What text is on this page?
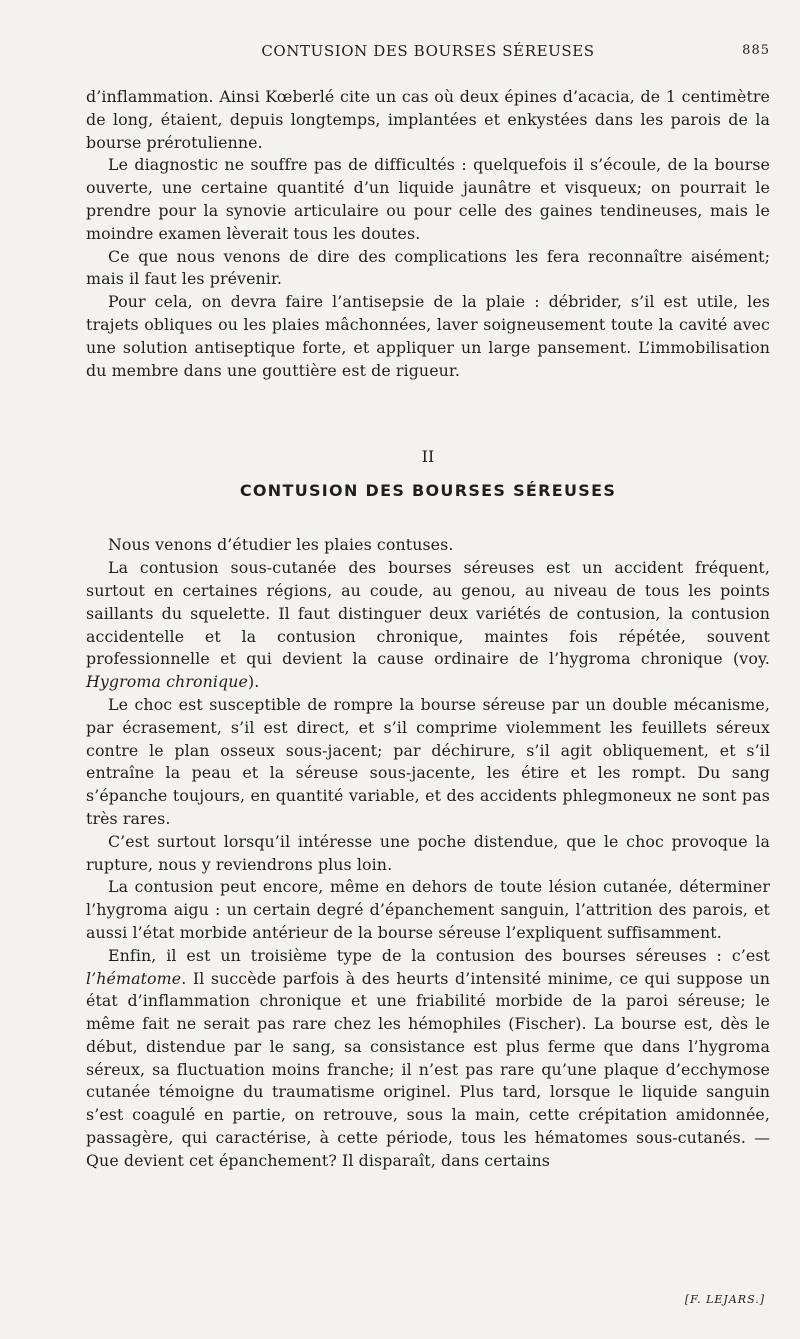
CONTUSION DES BOURSES SÉREUSES	885

d’inflammation. Ainsi Kœberlé cite un cas où deux épines d’acacia, de 1 centimètre de long, étaient, depuis longtemps, implantées et enkystées dans les parois de la bourse prérotulienne.

Le diagnostic ne souffre pas de difficultés : quelquefois il s’écoule, de la bourse ouverte, une certaine quantité d’un liquide jaunâtre et visqueux; on pourrait le prendre pour la synovie articulaire ou pour celle des gaines tendineuses, mais le moindre examen lèverait tous les doutes.

Ce que nous venons de dire des complications les fera reconnaître aisément; mais il faut les prévenir.

Pour cela, on devra faire l’antisepsie de la plaie : débrider, s’il est utile, les trajets obliques ou les plaies mâchonnées, laver soigneusement toute la cavité avec une solution antiseptique forte, et appliquer un large pansement. L’immobilisation du membre dans une gouttière est de rigueur.

II
CONTUSION DES BOURSES SÉREUSES

Nous venons d’étudier les plaies contuses.

La contusion sous-cutanée des bourses séreuses est un accident fréquent, surtout en certaines régions, au coude, au genou, au niveau de tous les points saillants du squelette. Il faut distinguer deux variétés de contusion, la contusion accidentelle et la contusion chronique, maintes fois répétée, souvent professionnelle et qui devient la cause ordinaire de l’hygroma chronique (voy. Hygroma chronique).

Le choc est susceptible de rompre la bourse séreuse par un double mécanisme, par écrasement, s’il est direct, et s’il comprime violemment les feuillets séreux contre le plan osseux sous-jacent; par déchirure, s’il agit obliquement, et s’il entraîne la peau et la séreuse sous-jacente, les étire et les rompt. Du sang s’épanche toujours, en quantité variable, et des accidents phlegmoneux ne sont pas très rares.

C’est surtout lorsqu’il intéresse une poche distendue, que le choc provoque la rupture, nous y reviendrons plus loin.

La contusion peut encore, même en dehors de toute lésion cutanée, déterminer l’hygroma aigu : un certain degré d’épanchement sanguin, l’attrition des parois, et aussi l’état morbide antérieur de la bourse séreuse l’expliquent suffisamment.

Enfin, il est un troisième type de la contusion des bourses séreuses : c’est l’hématome. Il succède parfois à des heurts d’intensité minime, ce qui suppose un état d’inflammation chronique et une friabilité morbide de la paroi séreuse; le même fait ne serait pas rare chez les hémophiles (Fischer). La bourse est, dès le début, distendue par le sang, sa consistance est plus ferme que dans l’hygroma séreux, sa fluctuation moins franche; il n’est pas rare qu’une plaque d’ecchymose cutanée témoigne du traumatisme originel. Plus tard, lorsque le liquide sanguin s’est coagulé en partie, on retrouve, sous la main, cette crépitation amidonnée, passagère, qui caractérise, à cette période, tous les hématomes sous-cutanés. — Que devient cet épanchement? Il disparaît, dans certains

[F. LEJARS.]
